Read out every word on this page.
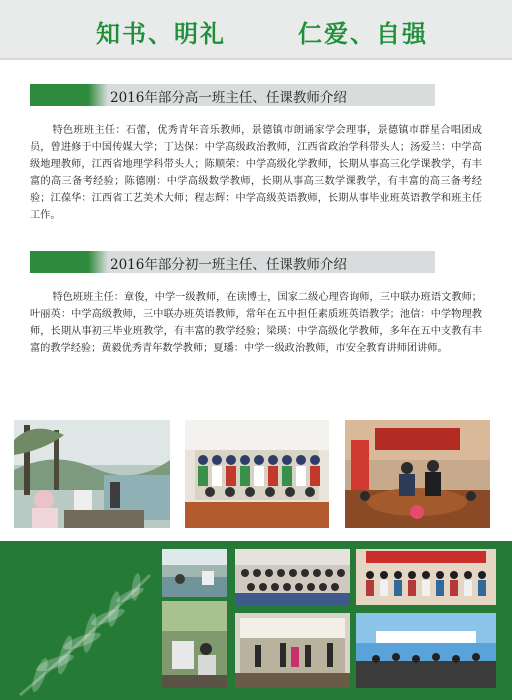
知书、明礼	仁爱、自强
2016年部分高一班主任、任课教师介绍
特色班班主任：石蕾，优秀青年音乐教师，景德镇市朗诵家学会理事，景德镇市群星合唱团成员，曾进修于中国传媒大学；丁达保：中学高级政治教师，江西省政治学科带头人；汤爱兰：中学高级地理教师，江西省地理学科带头人；陈顺荣：中学高级化学教师，长期从事高三化学课教学，有丰富的高三备考经验；陈德刚：中学高级数学教师，长期从事高三数学课教学，有丰富的高三备考经验；江葆华：江西省工艺美术大师；程志辉：中学高级英语教师，长期从事毕业班英语教学和班主任工作。
2016年部分初一班主任、任课教师介绍
特色班班主任：章俊，中学一级教师，在读博士，国家二级心理咨询师，三中联办班语文教师；叶丽英：中学高级教师，三中联办班英语教师，常年在五中担任素质班英语教学；池信：中学物理教师，长期从事初三毕业班教学，有丰富的教学经验；梁瑛：中学高级化学教师，多年在五中支教有丰富的教学经验；黄毅优秀青年数学教师；夏璠：中学一级政治教师，市安全教育讲师团讲师。
